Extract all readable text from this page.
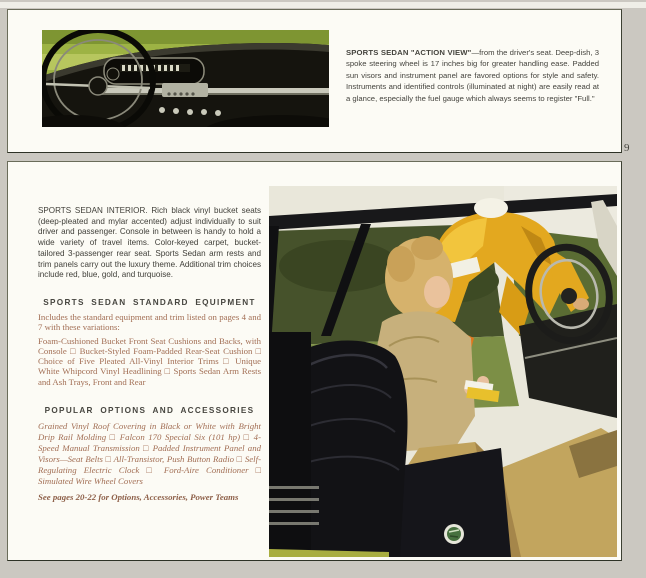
SPORTS SEDAN "ACTION VIEW"—from the driver's seat. Deep-dish, 3 spoke steering wheel is 17 inches big for greater handling ease. Padded sun visors and instrument panel are favored options for style and safety. Instruments and identified controls (illuminated at night) are easily read at a glance, especially the fuel gauge which always seems to register "Full."

9

SPORTS SEDAN INTERIOR. Rich black vinyl bucket seats (deep-pleated and mylar accented) adjust individually to suit driver and passenger. Console in between is handy to hold a wide variety of travel items. Color-keyed carpet, bucket-tailored 3-passenger rear seat. Sports Sedan arm rests and trim panels carry out the luxury theme. Additional trim choices include red, blue, gold, and turquoise.

SPORTS SEDAN STANDARD EQUIPMENT

Includes the standard equipment and trim listed on pages 4 and 7 with these variations:

Foam-Cushioned Bucket Front Seat Cushions and Backs, with Console □ Bucket-Styled Foam-Padded Rear-Seat Cushion □ Choice of Five Pleated All-Vinyl Interior Trims □ Unique White Whipcord Vinyl Headlining □ Sports Sedan Arm Rests and Ash Trays, Front and Rear

POPULAR OPTIONS AND ACCESSORIES

Grained Vinyl Roof Covering in Black or White with Bright Drip Rail Molding □ Falcon 170 Special Six (101 hp) □ 4-Speed Manual Transmission □ Padded Instrument Panel and Visors—Seat Belts □ All-Transistor, Push Button Radio □ Self-Regulating Electric Clock □ Ford-Aire Conditioner □ Simulated Wire Wheel Covers

See pages 20-22 for Options, Accessories, Power Teams
